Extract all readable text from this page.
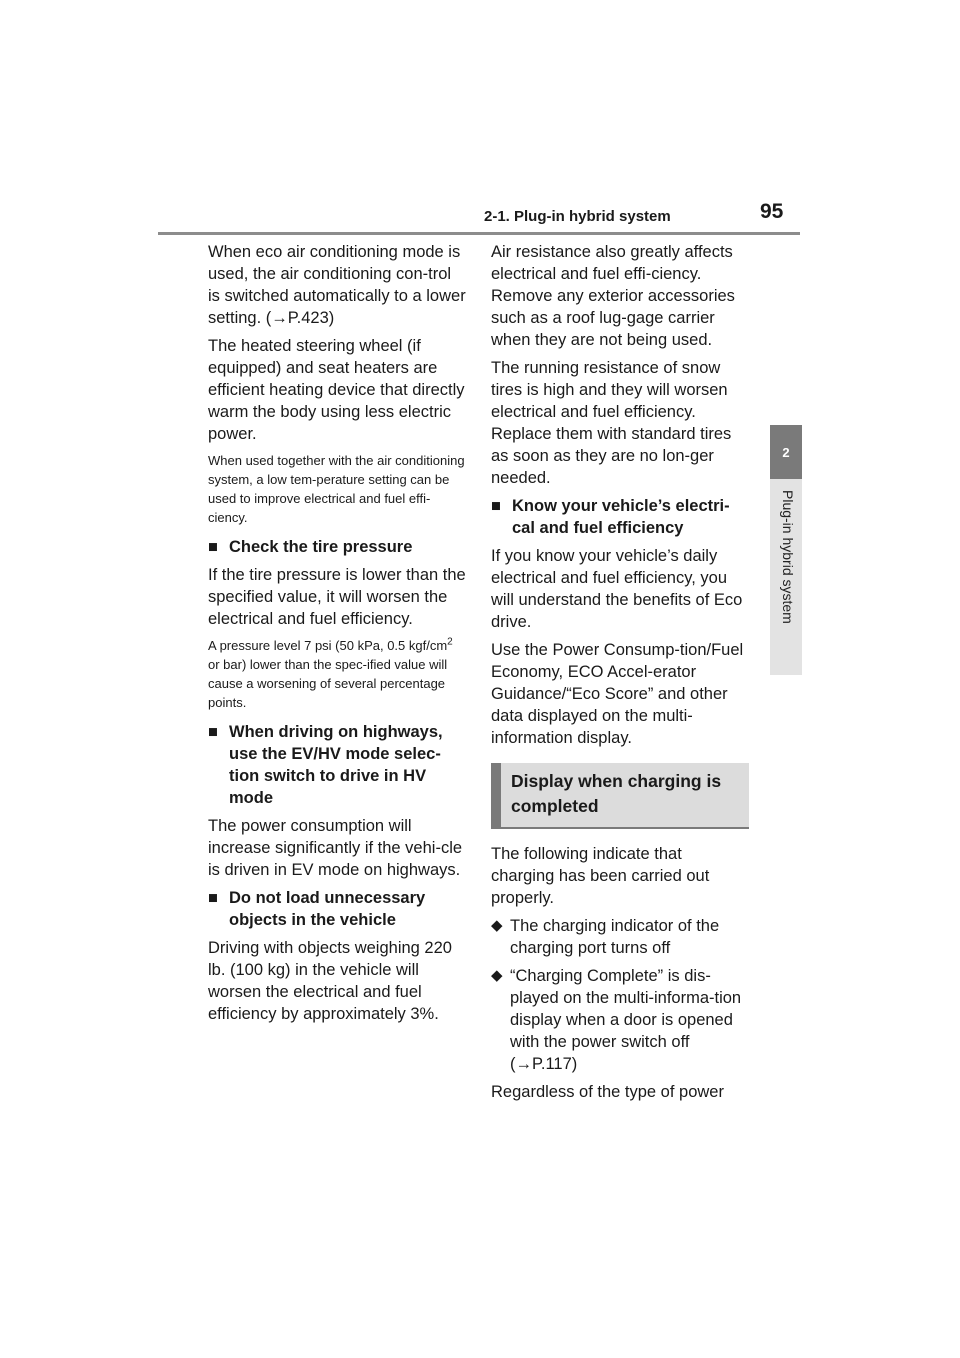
2-1. Plug-in hybrid system	95
2
Plug-in hybrid system

When eco air conditioning mode is used, the air conditioning con-trol is switched automatically to a lower setting. (→P.423)

The heated steering wheel (if equipped) and seat heaters are efficient heating device that directly warm the body using less electric power.

When used together with the air conditioning system, a low tem-perature setting can be used to improve electrical and fuel effi-ciency.

■ Check the tire pressure

If the tire pressure is lower than the specified value, it will worsen the electrical and fuel efficiency.

A pressure level 7 psi (50 kPa, 0.5 kgf/$cm^2$ or bar) lower than the spec-ified value will cause a worsening of several percentage points.

■ When driving on highways, use the EV/HV mode selec-tion switch to drive in HV mode

The power consumption will increase significantly if the vehi-cle is driven in EV mode on highways.

■ Do not load unnecessary objects in the vehicle

Driving with objects weighing 220 lb. (100 kg) in the vehicle will worsen the electrical and fuel efficiency by approximately 3%.

Air resistance also greatly affects electrical and fuel effi-ciency. Remove any exterior accessories such as a roof lug-gage carrier when they are not being used.

The running resistance of snow tires is high and they will worsen electrical and fuel efficiency. Replace them with standard tires as soon as they are no lon-ger needed.

■ Know your vehicle’s electri-cal and fuel efficiency

If you know your vehicle’s daily electrical and fuel efficiency, you will understand the benefits of Eco drive.

Use the Power Consump-tion/Fuel Economy, ECO Accel-erator Guidance/“Eco Score” and other data displayed on the multi-information display.

Display when charging is completed

The following indicate that charging has been carried out properly.

◆ The charging indicator of the charging port turns off
◆ “Charging Complete” is dis-played on the multi-informa-tion display when a door is opened with the power switch off (→P.117)

Regardless of the type of power
